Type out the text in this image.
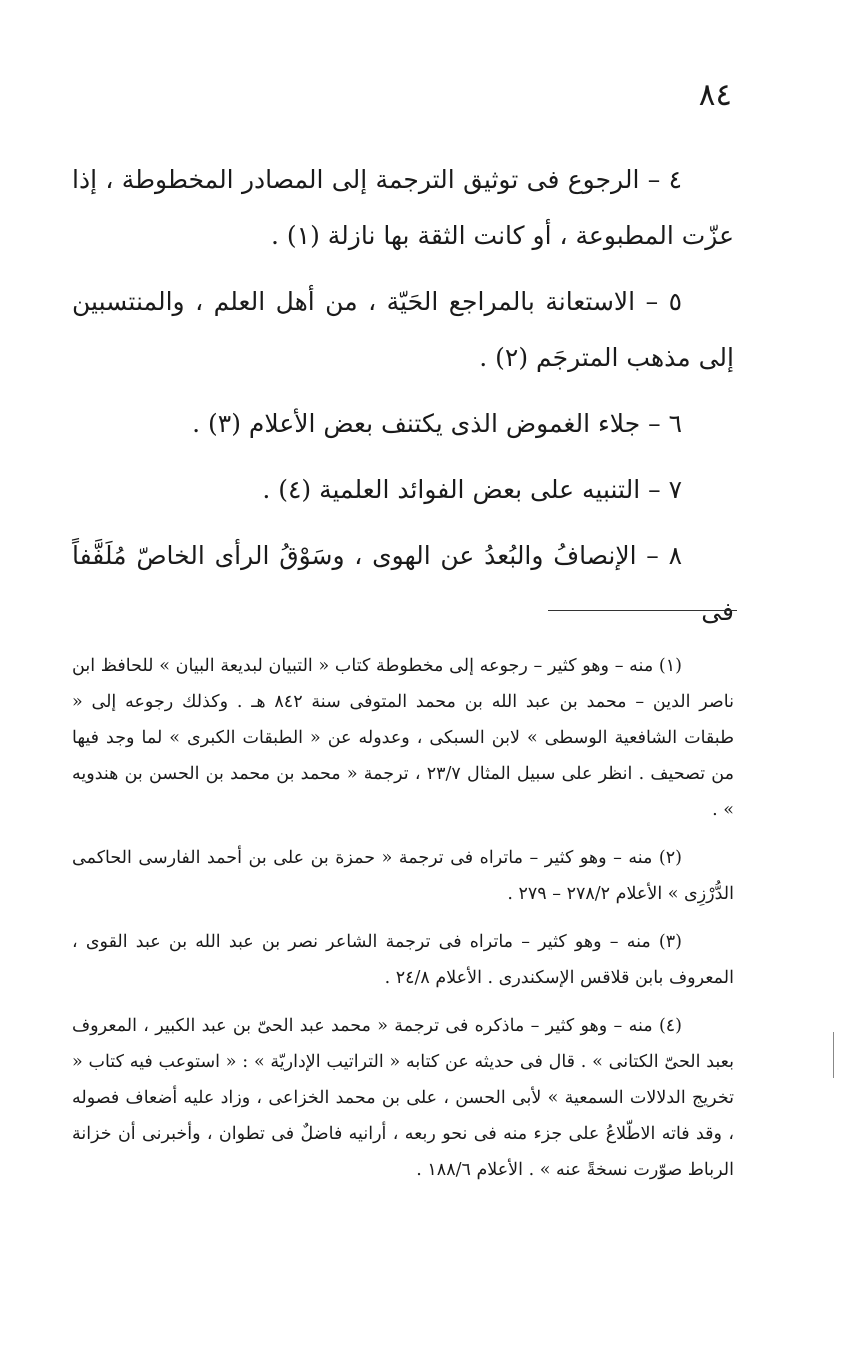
٨٤

٤ – الرجوع فى توثيق الترجمة إلى المصادر المخطوطة ، إذا عزّت المطبوعة ، أو كانت الثقة بها نازلة (١) .

٥ – الاستعانة بالمراجع الحَيّة ، من أهل العلم ، والمنتسبين إلى مذهب المترجَم (٢) .

٦ – جلاء الغموض الذى يكتنف بعض الأعلام (٣) .

٧ – التنبيه على بعض الفوائد العلمية (٤) .

٨ – الإنصافُ والبُعدُ عن الهوى ، وسَوْقُ الرأى الخاصّ مُلَفَّفاً فى

(١) منه – وهو كثير – رجوعه إلى مخطوطة كتاب « التبيان لبديعة البيان » للحافظ ابن ناصر الدين – محمد بن عبد الله بن محمد المتوفى سنة ٨٤٢ هـ . وكذلك رجوعه إلى « طبقات الشافعية الوسطى » لابن السبكى ، وعدوله عن « الطبقات الكبرى » لما وجد فيها من تصحيف . انظر على سبيل المثال ٢٣/٧ ، ترجمة « محمد بن محمد بن الحسن بن هندويه » .

(٢) منه – وهو كثير – ماتراه فى ترجمة « حمزة بن على بن أحمد الفارسى الحاكمى الدُّرْزِى » الأعلام ٢٧٨/٢ – ٢٧٩ .

(٣) منه – وهو كثير – ماتراه فى ترجمة الشاعر نصر بن عبد الله بن عبد القوى ، المعروف بابن قلاقس الإسكندرى . الأعلام ٢٤/٨ .

(٤) منه – وهو كثير – ماذكره فى ترجمة « محمد عبد الحىّ بن عبد الكبير ، المعروف بعبد الحىّ الكتانى » . قال فى حديثه عن كتابه « التراتيب الإداريّة » : « استوعب فيه كتاب « تخريج الدلالات السمعية » لأبى الحسن ، على بن محمد الخزاعى ، وزاد عليه أضعاف فصوله ، وقد فاته الاطّلاعُ على جزء منه فى نحو ربعه ، أرانيه فاضلٌ فى تطوان ، وأخبرنى أن خزانة الرباط صوّرت نسخةً عنه » . الأعلام ١٨٨/٦ .
